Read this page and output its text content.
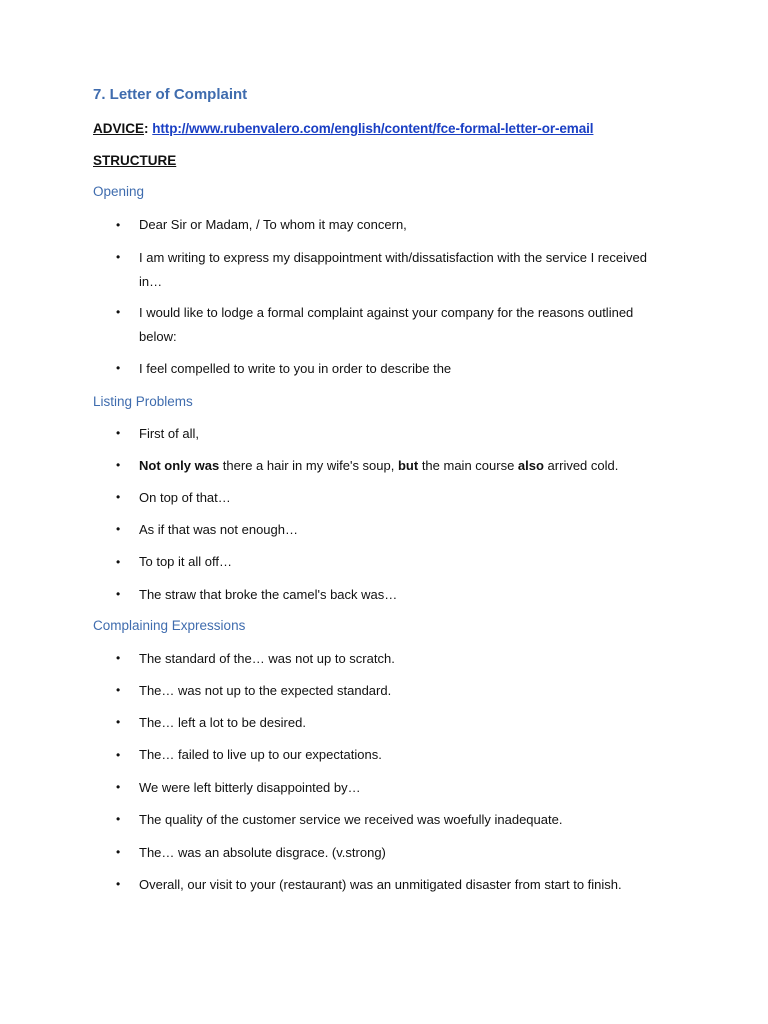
7. Letter of Complaint
ADVICE: http://www.rubenvalero.com/english/content/fce-formal-letter-or-email
STRUCTURE
Opening
• Dear Sir or Madam, / To whom it may concern,
• I am writing to express my disappointment with/dissatisfaction with the service I received in…
• I would like to lodge a formal complaint against your company for the reasons outlined below:
• I feel compelled to write to you in order to describe the
Listing Problems
• First of all,
• Not only was there a hair in my wife's soup, but the main course also arrived cold.
• On top of that…
• As if that was not enough…
• To top it all off…
• The straw that broke the camel's back was…
Complaining Expressions
• The standard of the… was not up to scratch.
• The… was not up to the expected standard.
• The… left a lot to be desired.
• The… failed to live up to our expectations.
• We were left bitterly disappointed by…
• The quality of the customer service we received was woefully inadequate.
• The… was an absolute disgrace. (v.strong)
• Overall, our visit to your (restaurant) was an unmitigated disaster from start to finish.
